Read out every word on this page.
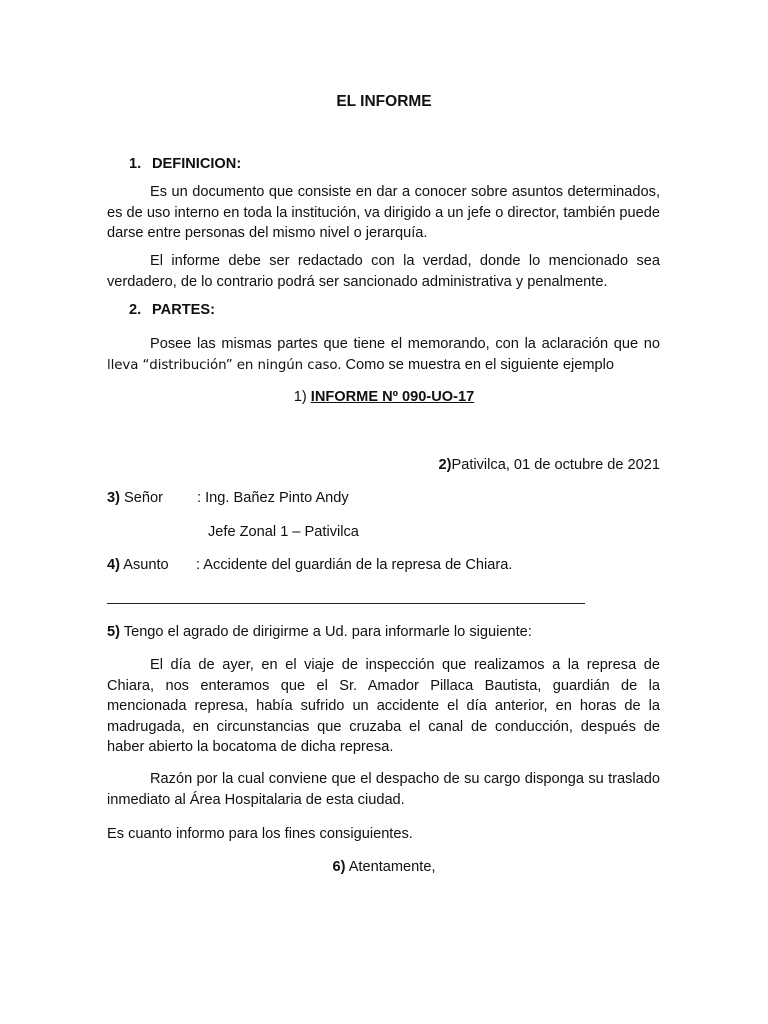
EL INFORME
1. DEFINICION:

Es un documento que consiste en dar a conocer sobre asuntos determinados, es de uso interno en toda la institución, va dirigido a un jefe o director, también puede darse entre personas del mismo nivel o jerarquía.

El informe debe ser redactado con la verdad, donde lo mencionado sea verdadero, de lo contrario podrá ser sancionado administrativa y penalmente.

2. PARTES:

Posee las mismas partes que tiene el memorando, con la aclaración que no
lleva “distribución” en ningún caso. Como se muestra en el siguiente ejemplo

1) INFORME Nº 090-UO-17
2)Pativilca, 01 de octubre de 2021
3) Señor : Ing. Bañez Pinto Andy
Jefe Zonal 1 – Pativilca
4) Asunto : Accidente del guardián de la represa de Chiara.
5) Tengo el agrado de dirigirme a Ud. para informarle lo siguiente:

El día de ayer, en el viaje de inspección que realizamos a la represa de Chiara, nos enteramos que el Sr. Amador Pillaca Bautista, guardián de la mencionada represa, había sufrido un accidente el día anterior, en horas de la madrugada, en circunstancias que cruzaba el canal de conducción, después de haber abierto la bocatoma de dicha represa.

Razón por la cual conviene que el despacho de su cargo disponga su traslado inmediato al Área Hospitalaria de esta ciudad.

Es cuanto informo para los fines consiguientes.
6) Atentamente,
